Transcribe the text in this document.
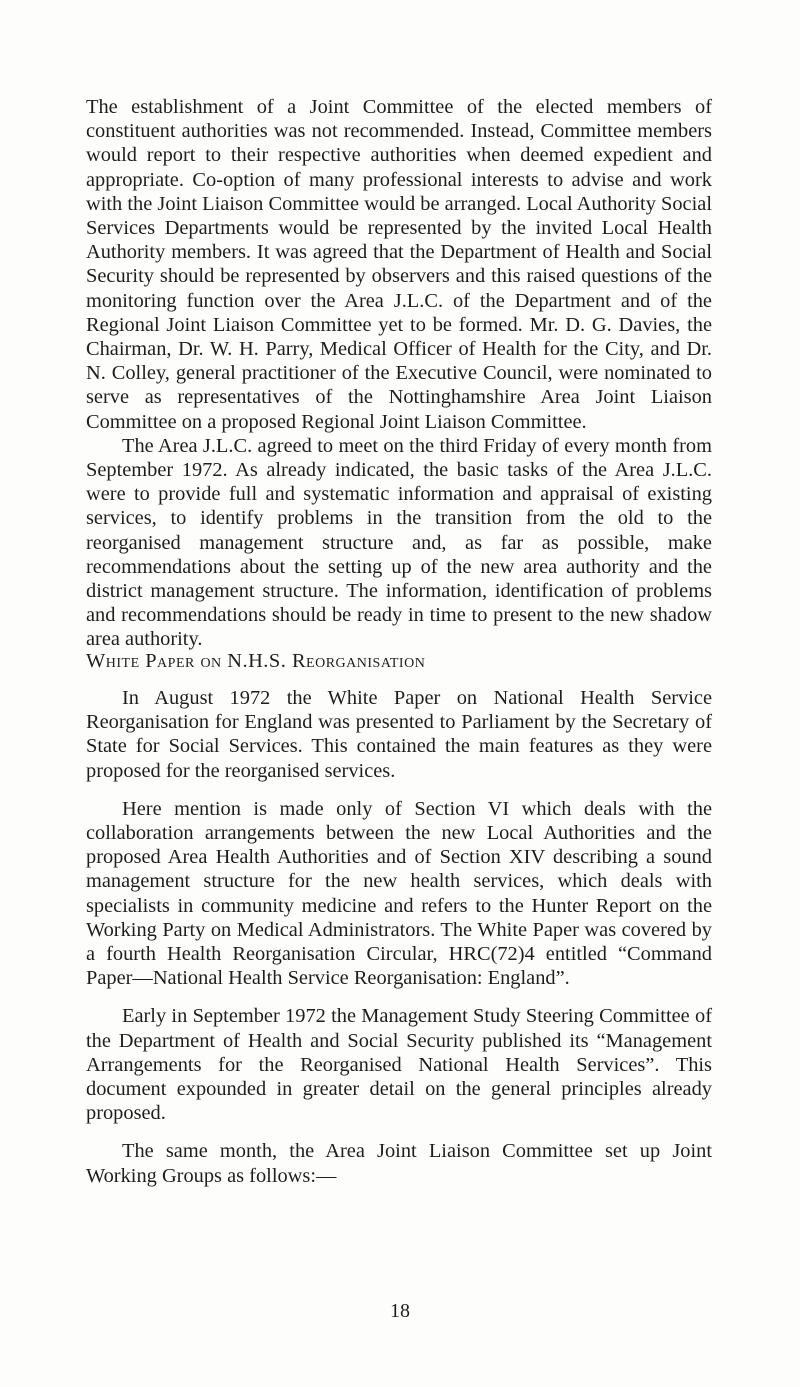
The establishment of a Joint Committee of the elected members of constituent authorities was not recommended. Instead, Committee members would report to their respective authorities when deemed expedient and appropriate. Co-option of many professional interests to advise and work with the Joint Liaison Committee would be arranged. Local Authority Social Services Departments would be represented by the invited Local Health Authority members. It was agreed that the Department of Health and Social Security should be represented by observers and this raised questions of the monitoring function over the Area J.L.C. of the Department and of the Regional Joint Liaison Committee yet to be formed. Mr. D. G. Davies, the Chairman, Dr. W. H. Parry, Medical Officer of Health for the City, and Dr. N. Colley, general practitioner of the Executive Council, were nominated to serve as representatives of the Nottinghamshire Area Joint Liaison Committee on a proposed Regional Joint Liaison Committee.

The Area J.L.C. agreed to meet on the third Friday of every month from September 1972. As already indicated, the basic tasks of the Area J.L.C. were to provide full and systematic information and appraisal of existing services, to identify problems in the transition from the old to the reorganised management structure and, as far as possible, make recommendations about the setting up of the new area authority and the district management structure. The information, identification of problems and recommendations should be ready in time to present to the new shadow area authority.

White Paper on N.H.S. Reorganisation

In August 1972 the White Paper on National Health Service Reorganisation for England was presented to Parliament by the Secretary of State for Social Services. This contained the main features as they were proposed for the reorganised services.

Here mention is made only of Section VI which deals with the collaboration arrangements between the new Local Authorities and the proposed Area Health Authorities and of Section XIV describing a sound management structure for the new health services, which deals with specialists in community medicine and refers to the Hunter Report on the Working Party on Medical Administrators. The White Paper was covered by a fourth Health Reorganisation Circular, HRC(72)4 entitled “Command Paper—National Health Service Reorganisation: England”.

Early in September 1972 the Management Study Steering Committee of the Department of Health and Social Security published its “Management Arrangements for the Reorganised National Health Services”. This document expounded in greater detail on the general principles already proposed.

The same month, the Area Joint Liaison Committee set up Joint Working Groups as follows:—

18
